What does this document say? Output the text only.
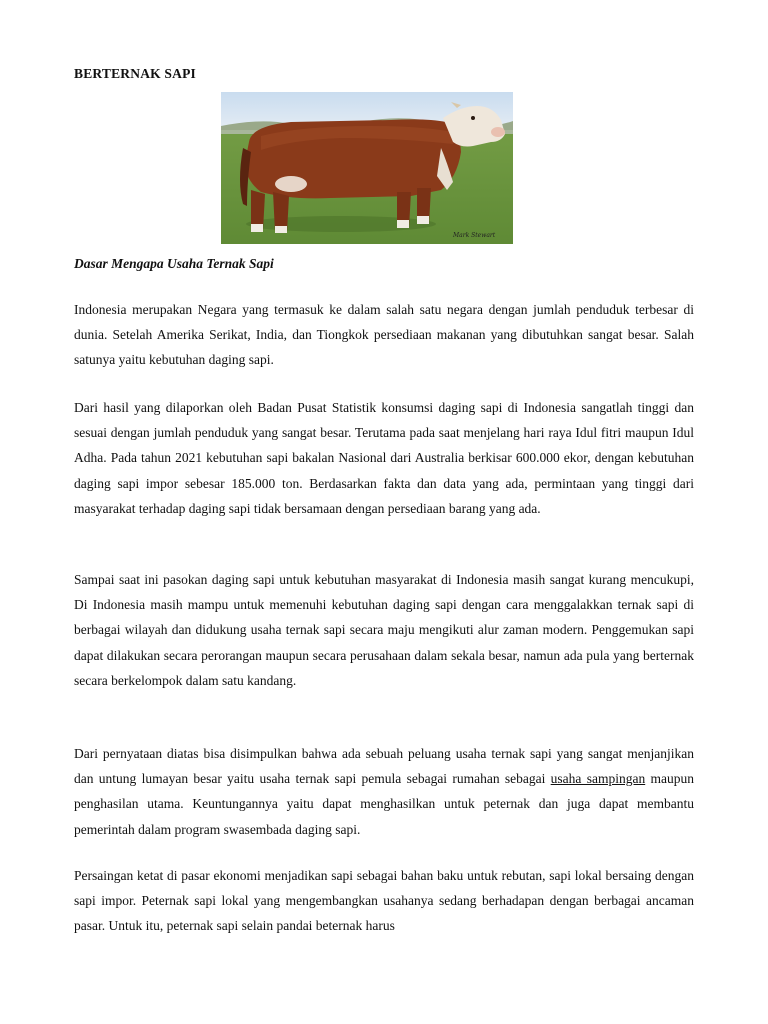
BERTERNAK SAPI
Mark Stewart
Dasar Mengapa Usaha Ternak Sapi

Indonesia merupakan Negara yang termasuk ke dalam salah satu negara dengan jumlah penduduk terbesar di dunia. Setelah Amerika Serikat, India, dan Tiongkok persediaan makanan yang dibutuhkan sangat besar. Salah satunya yaitu kebutuhan daging sapi.

Dari hasil yang dilaporkan oleh Badan Pusat Statistik konsumsi daging sapi di Indonesia sangatlah tinggi dan sesuai dengan jumlah penduduk yang sangat besar. Terutama pada saat menjelang hari raya Idul fitri maupun Idul Adha. Pada tahun 2021 kebutuhan sapi bakalan Nasional dari Australia berkisar 600.000 ekor, dengan kebutuhan daging sapi impor sebesar 185.000 ton. Berdasarkan fakta dan data yang ada, permintaan yang tinggi dari masyarakat terhadap daging sapi tidak bersamaan dengan persediaan barang yang ada.

Sampai saat ini pasokan daging sapi untuk kebutuhan masyarakat di Indonesia masih sangat kurang mencukupi, Di Indonesia masih mampu untuk memenuhi kebutuhan daging sapi dengan cara menggalakkan ternak sapi di berbagai wilayah dan didukung usaha ternak sapi secara maju mengikuti alur zaman modern. Penggemukan sapi dapat dilakukan secara perorangan maupun secara perusahaan dalam sekala besar, namun ada pula yang berternak secara berkelompok dalam satu kandang.

Dari pernyataan diatas bisa disimpulkan bahwa ada sebuah peluang usaha ternak sapi yang sangat menjanjikan dan untung lumayan besar yaitu usaha ternak sapi pemula sebagai rumahan sebagai usaha sampingan maupun penghasilan utama. Keuntungannya yaitu dapat menghasilkan untuk peternak dan juga dapat membantu pemerintah dalam program swasembada daging sapi.

Persaingan ketat di pasar ekonomi menjadikan sapi sebagai bahan baku untuk rebutan, sapi lokal bersaing dengan sapi impor. Peternak sapi lokal yang mengembangkan usahanya sedang berhadapan dengan berbagai ancaman pasar. Untuk itu, peternak sapi selain pandai beternak harus
